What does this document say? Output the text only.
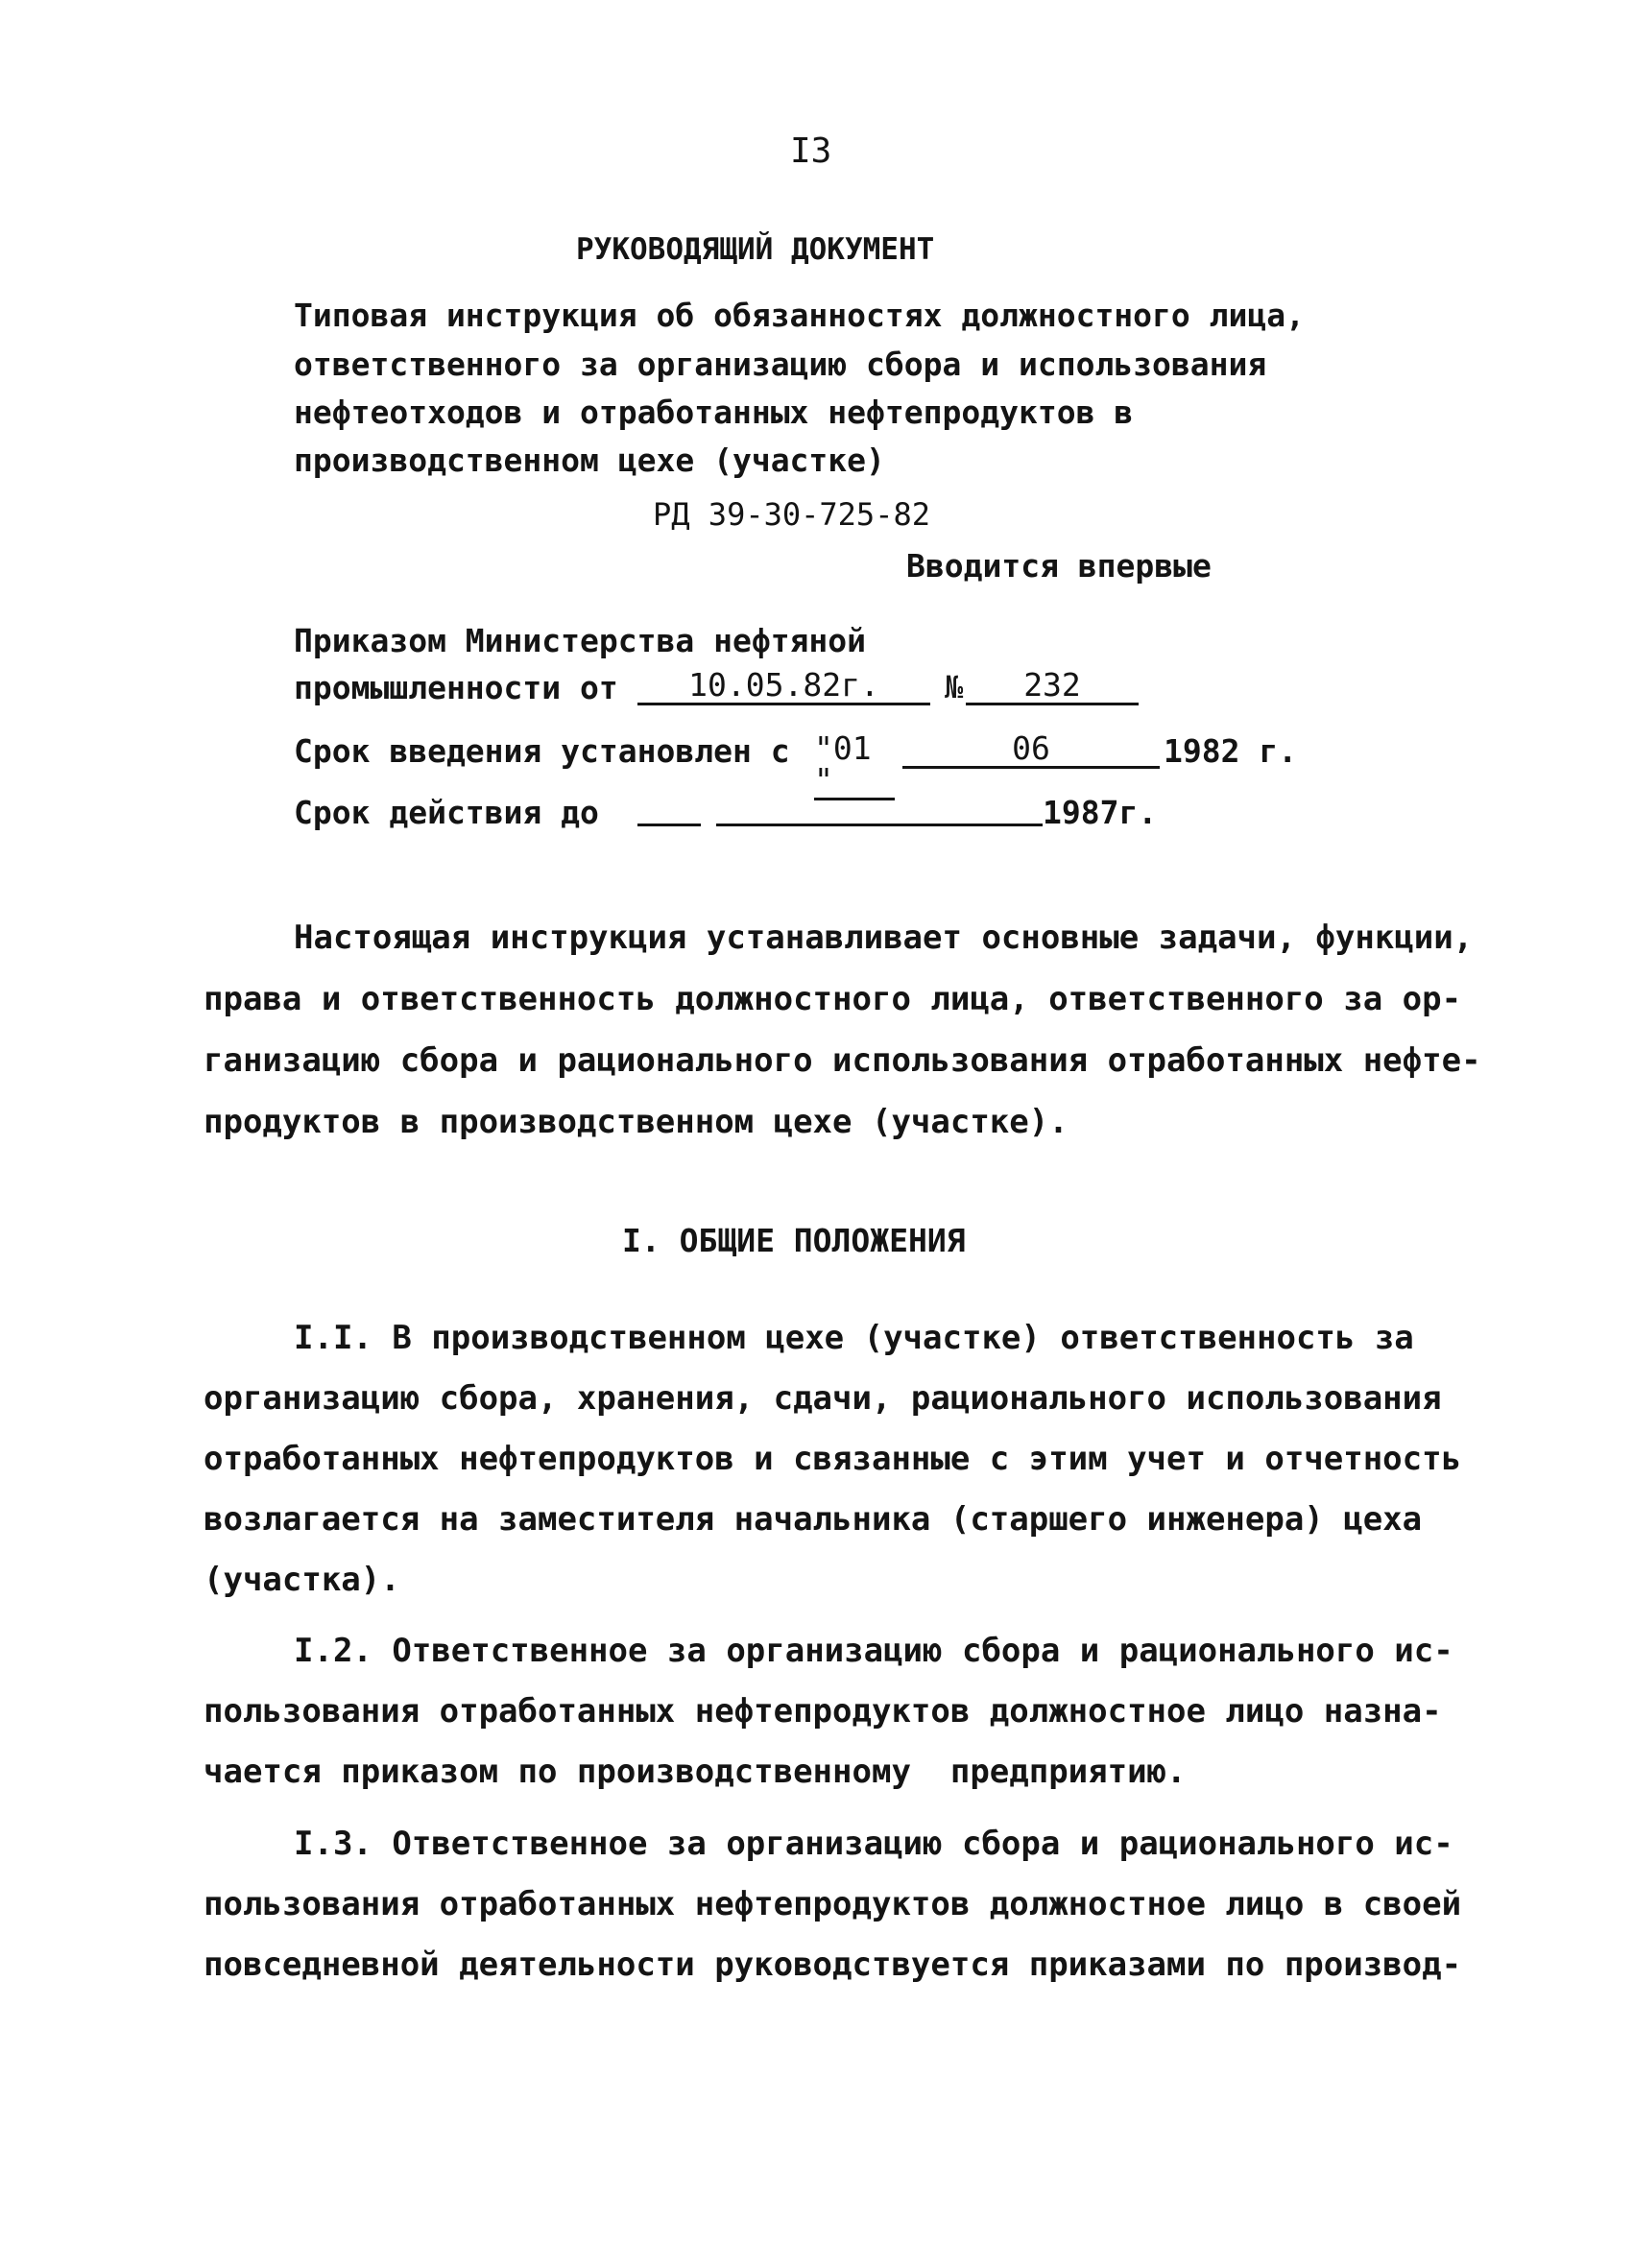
I3
РУКОВОДЯЩИЙ ДОКУМЕНТ
Типовая инструкция об обязанностях должностного лица,
ответственного за организацию сбора и использования
нефтеотходов и отработанных нефтепродуктов в
производственном цехе (участке)
РД 39-30-725-82
Вводится впервые
Приказом Министерства нефтяной
промышленности от	10.05.82г.	№	232
Срок введения установлен с "01 "
06	1982 г.
Срок действия до	1987г.
Настоящая инструкция устанавливает основные задачи, функции,
права и ответственность должностного лица, ответственного за ор-
ганизацию сбора и рационального использования отработанных нефте-
продуктов в производственном цехе (участке).
I. ОБЩИЕ ПОЛОЖЕНИЯ
I.I. В производственном цехе (участке) ответственность за
организацию сбора, хранения, сдачи, рационального использования
отработанных нефтепродуктов и связанные с этим учет и отчетность
возлагается на заместителя начальника (старшего инженера) цеха
(участка).
I.2. Ответственное за организацию сбора и рационального ис-
пользования отработанных нефтепродуктов должностное лицо назна-
чается приказом по производственному  предприятию.
I.3. Ответственное за организацию сбора и рационального ис-
пользования отработанных нефтепродуктов должностное лицо в своей
повседневной деятельности руководствуется приказами по производ-
